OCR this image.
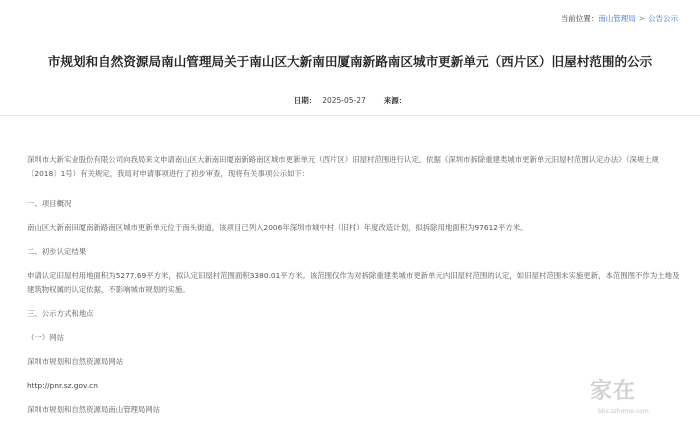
当前位置：南山管理局 > 公告公示
市规划和自然资源局南山管理局关于南山区大新南田厦南新路南区城市更新单元（西片区）旧屋村范围的公示
日期： 2025-05-27 来源：

深圳市大新实业股份有限公司向我局来文申请南山区大新南田厦南新路南区城市更新单元（西片区）旧屋村范围进行认定，依据《深圳市拆除重建类城市更新单元旧屋村范围认定办法》（深规土规〔2018〕1号）有关规定，我局对申请事项进行了初步审查，现将有关事项公示如下：

一、项目概况

南山区大新南田厦南新路南区城市更新单元位于南头街道，该项目已列入2006年深圳市城中村（旧村）年度改造计划，拟拆除用地面积为97612平方米。

二、初步认定结果

申请认定旧屋村用地面积为5277.69平方米，拟认定旧屋村范围面积3380.01平方米。该范围仅作为对拆除重建类城市更新单元内旧屋村范围的认定，如旧屋村范围未实施更新，本范围图不作为土地及建筑物权属的认定依据，不影响城市规划的实施。

三、公示方式和地点

（一）网站

深圳市规划和自然资源局网站

http://pnr.sz.gov.cn

深圳市规划和自然资源局南山管理局网站

家在
bbs.szhome.com
